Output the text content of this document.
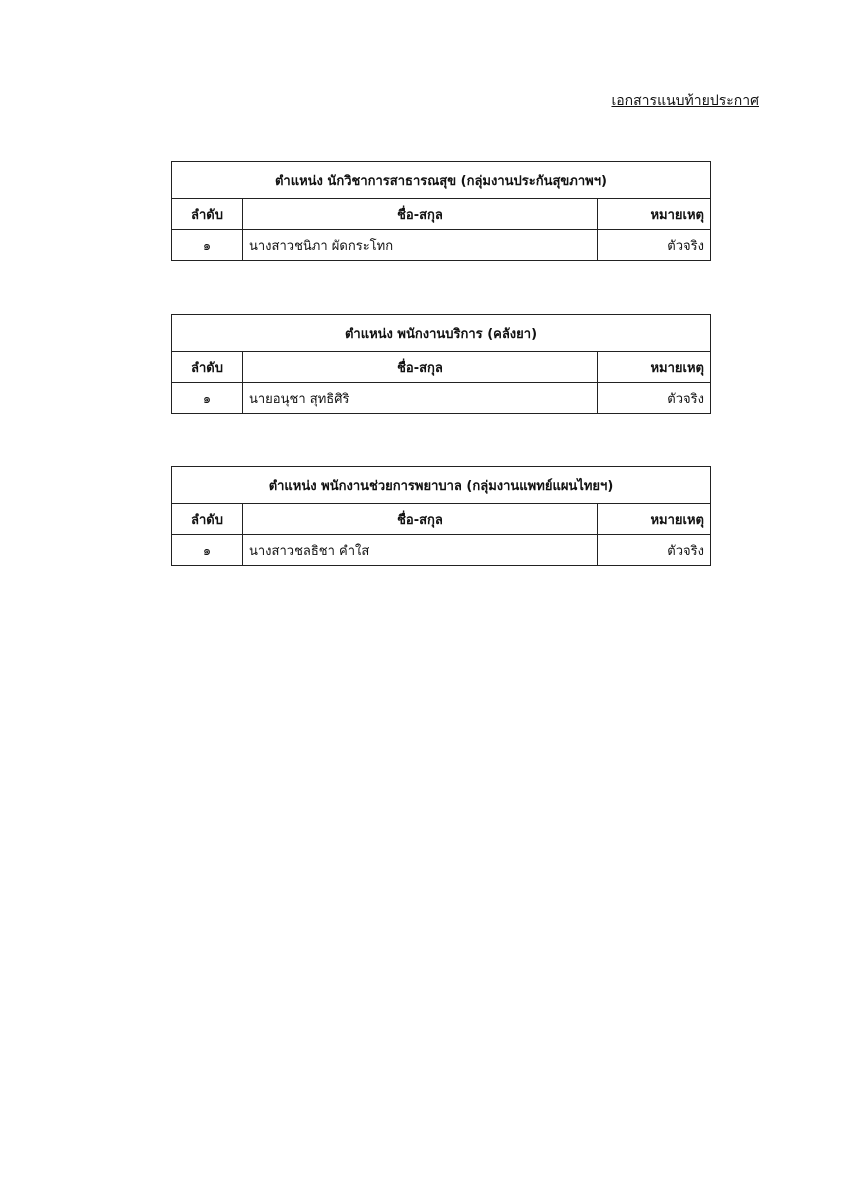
เอกสารแนบท้ายประกาศ
ตำแหน่ง นักวิชาการสาธารณสุข (กลุ่มงานประกันสุขภาพฯ)		
ลำดับ	ชื่อ-สกุล	หมายเหตุ
๑	นางสาวชนิภา ผัดกระโทก	ตัวจริง
ตำแหน่ง พนักงานบริการ (คลังยา)		
ลำดับ	ชื่อ-สกุล	หมายเหตุ
๑	นายอนุชา สุทธิศิริ	ตัวจริง
ตำแหน่ง พนักงานช่วยการพยาบาล (กลุ่มงานแพทย์แผนไทยฯ)		
ลำดับ	ชื่อ-สกุล	หมายเหตุ
๑	นางสาวชลธิชา คำใส	ตัวจริง
